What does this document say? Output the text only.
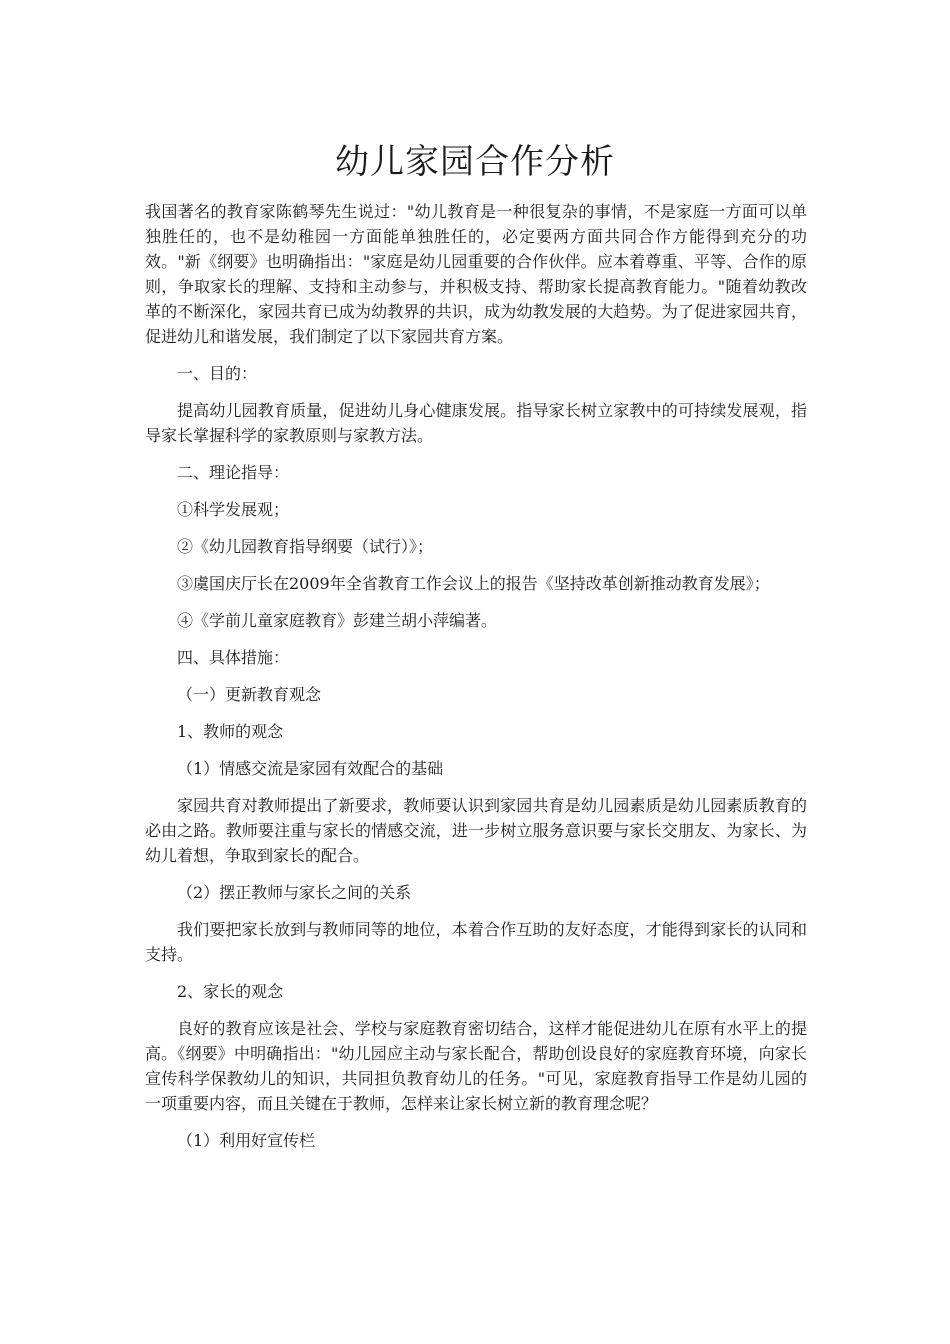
幼儿家园合作分析

我国著名的教育家陈鹤琴先生说过："幼儿教育是一种很复杂的事情，不是家庭一方面可以单独胜任的，也不是幼稚园一方面能单独胜任的，必定要两方面共同合作方能得到充分的功效。"新《纲要》也明确指出："家庭是幼儿园重要的合作伙伴。应本着尊重、平等、合作的原则，争取家长的理解、支持和主动参与，并积极支持、帮助家长提高教育能力。"随着幼教改革的不断深化，家园共育已成为幼教界的共识，成为幼教发展的大趋势。为了促进家园共育，促进幼儿和谐发展，我们制定了以下家园共育方案。

一、目的：

提高幼儿园教育质量，促进幼儿身心健康发展。指导家长树立家教中的可持续发展观，指导家长掌握科学的家教原则与家教方法。

二、理论指导：

①科学发展观；

②《幼儿园教育指导纲要（试行）》；

③虞国庆厅长在2009年全省教育工作会议上的报告《坚持改革创新推动教育发展》；

④《学前儿童家庭教育》彭建兰胡小萍编著。

四、具体措施：

（一）更新教育观念

1、教师的观念

（1）情感交流是家园有效配合的基础

家园共育对教师提出了新要求，教师要认识到家园共育是幼儿园素质是幼儿园素质教育的必由之路。教师要注重与家长的情感交流，进一步树立服务意识要与家长交朋友、为家长、为幼儿着想，争取到家长的配合。

（2）摆正教师与家长之间的关系

我们要把家长放到与教师同等的地位，本着合作互助的友好态度，才能得到家长的认同和支持。

2、家长的观念

良好的教育应该是社会、学校与家庭教育密切结合，这样才能促进幼儿在原有水平上的提高。《纲要》中明确指出："幼儿园应主动与家长配合，帮助创设良好的家庭教育环境，向家长宣传科学保教幼儿的知识，共同担负教育幼儿的任务。"可见，家庭教育指导工作是幼儿园的一项重要内容，而且关键在于教师，怎样来让家长树立新的教育理念呢？

（1）利用好宣传栏
